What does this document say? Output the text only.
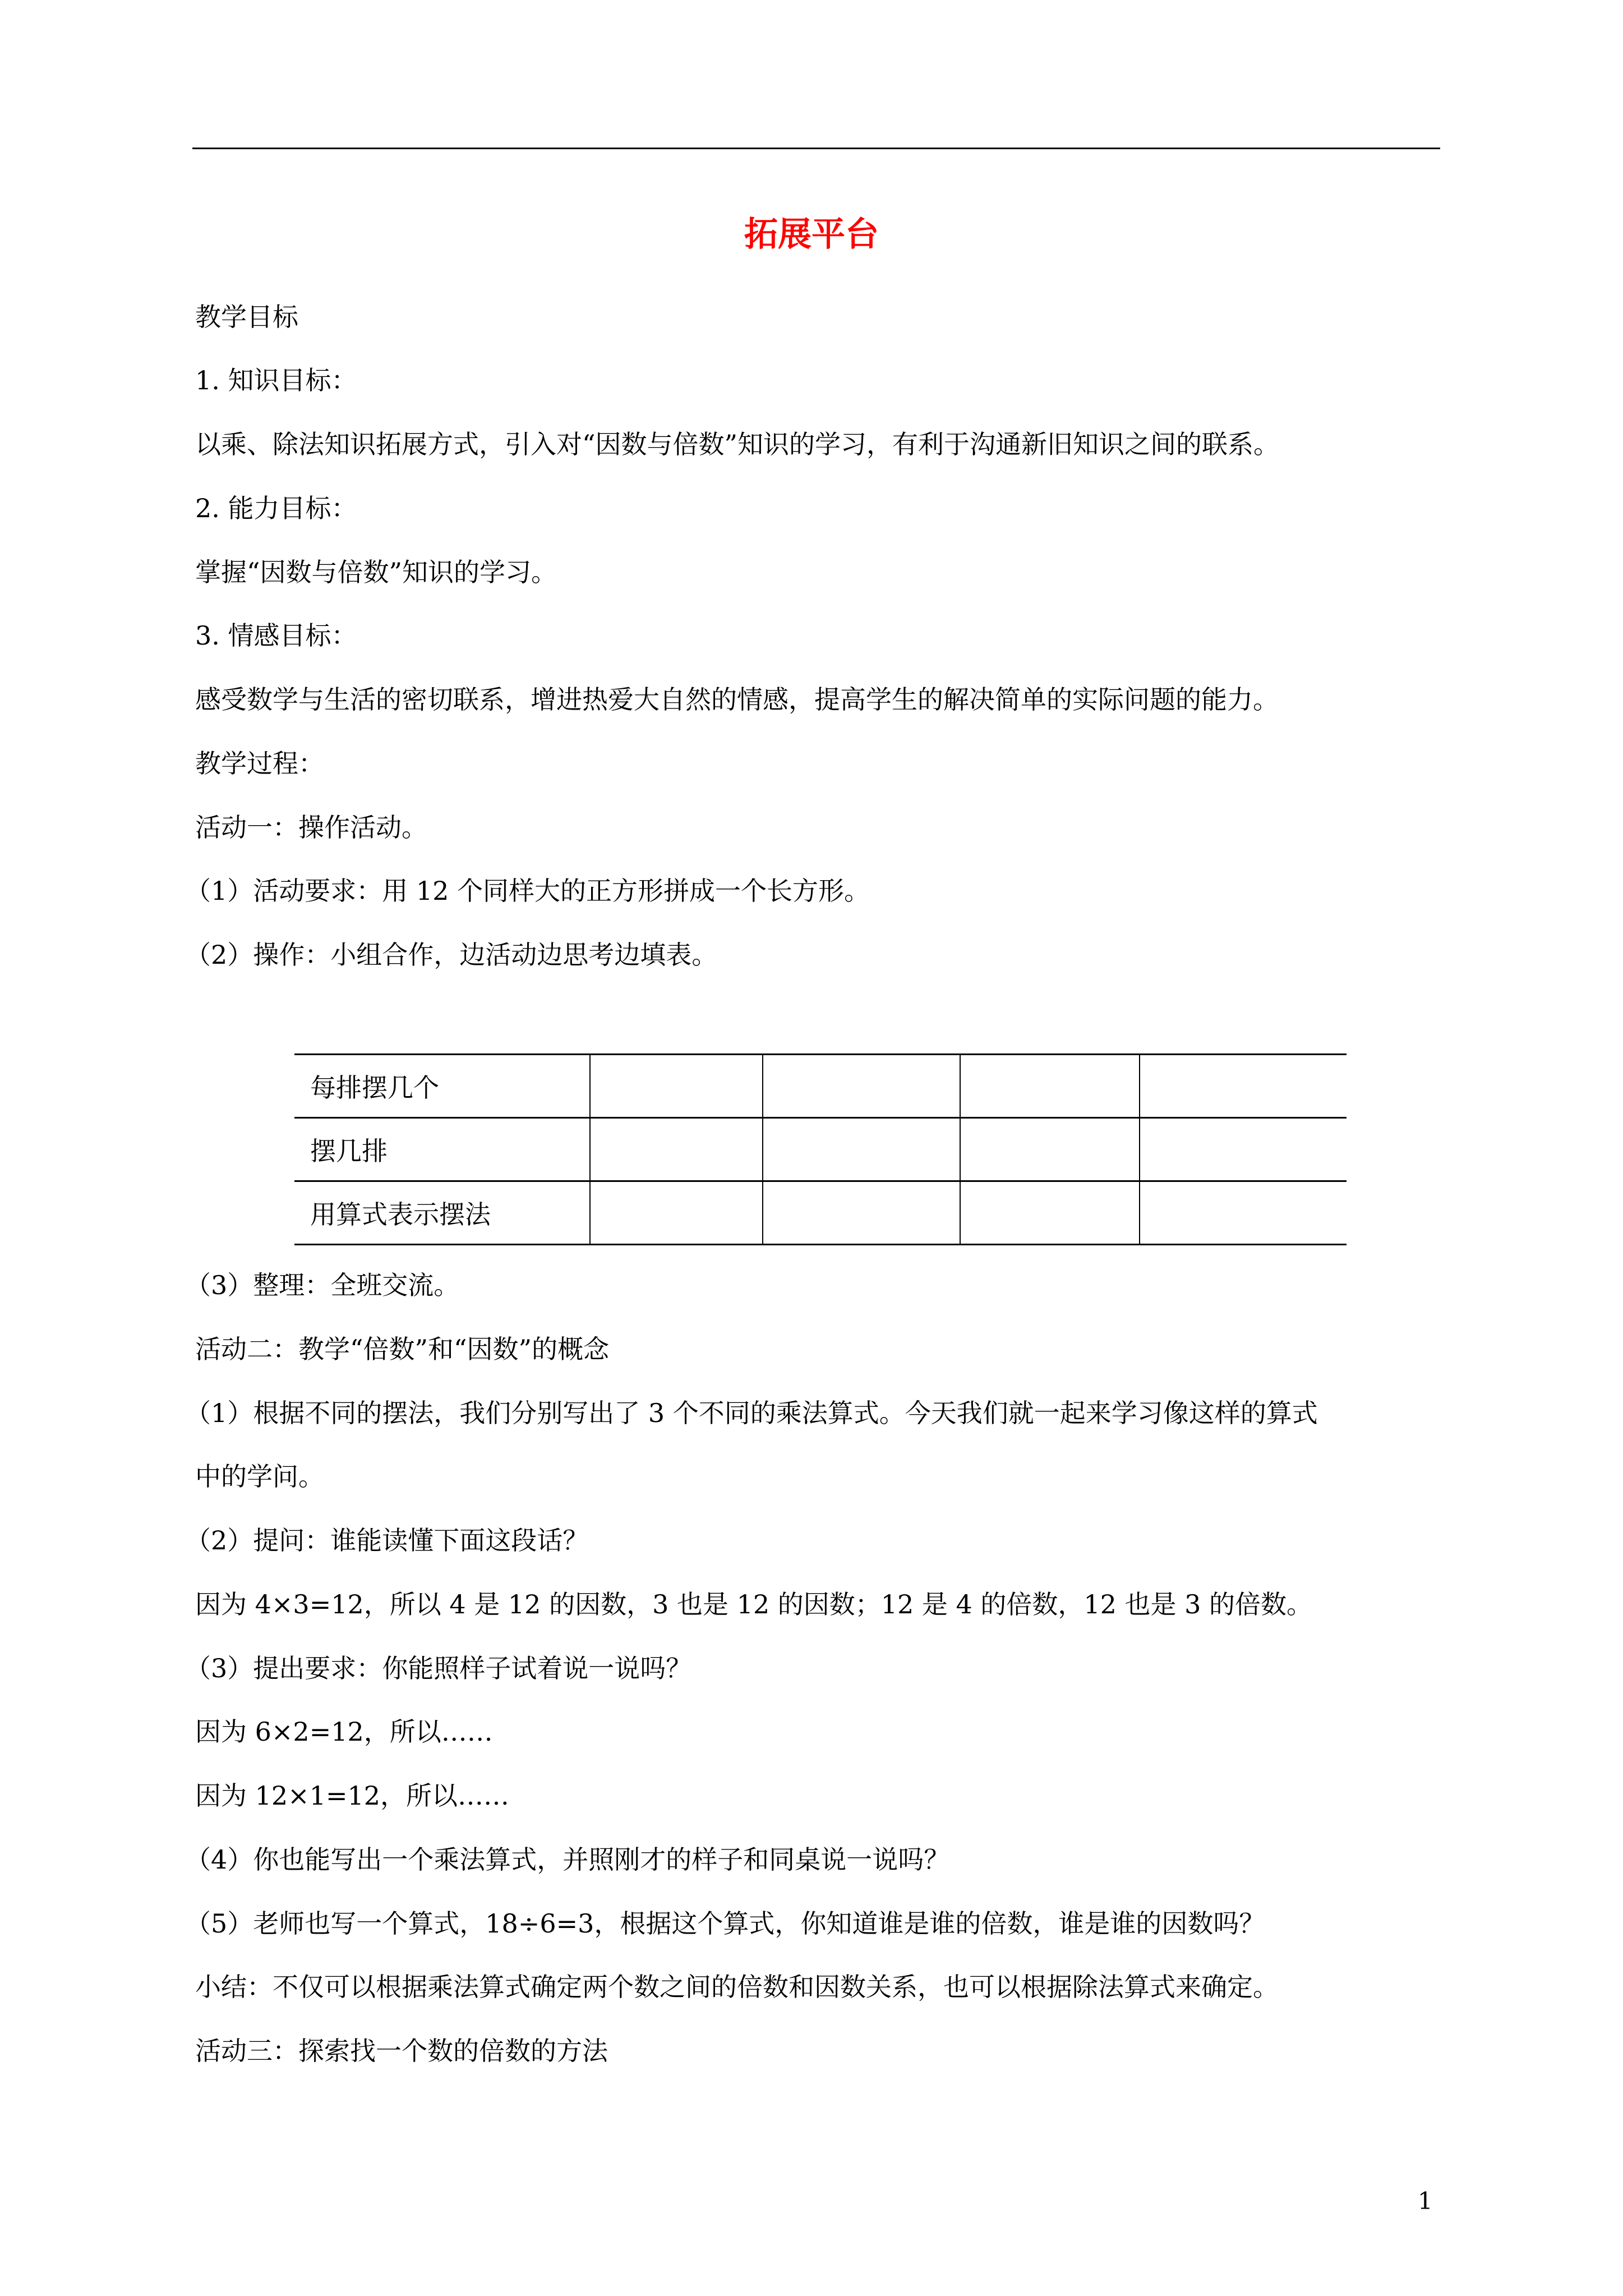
拓展平台
教学目标
1. 知识目标：
以乘、除法知识拓展方式，引入对“因数与倍数”知识的学习，有利于沟通新旧知识之间的联系。
2. 能力目标：
掌握“因数与倍数”知识的学习。
3. 情感目标：
感受数学与生活的密切联系，增进热爱大自然的情感，提高学生的解决简单的实际问题的能力。
教学过程：
活动一：操作活动。
（1）活动要求：用 12 个同样大的正方形拼成一个长方形。
（2）操作：小组合作，边活动边思考边填表。
每排摆几个				
摆几排				
用算式表示摆法				
（3）整理：全班交流。
活动二：教学“倍数”和“因数”的概念
（1）根据不同的摆法，我们分别写出了 3 个不同的乘法算式。今天我们就一起来学习像这样的算式
中的学问。
（2）提问：谁能读懂下面这段话？
因为 4×3=12，所以 4 是 12 的因数，3 也是 12 的因数；12 是 4 的倍数，12 也是 3 的倍数。
（3）提出要求：你能照样子试着说一说吗？
因为 6×2=12，所以……
因为 12×1=12，所以……
（4）你也能写出一个乘法算式，并照刚才的样子和同桌说一说吗？
（5）老师也写一个算式，18÷6=3，根据这个算式，你知道谁是谁的倍数，谁是谁的因数吗？
小结：不仅可以根据乘法算式确定两个数之间的倍数和因数关系，也可以根据除法算式来确定。
活动三：探索找一个数的倍数的方法
1
